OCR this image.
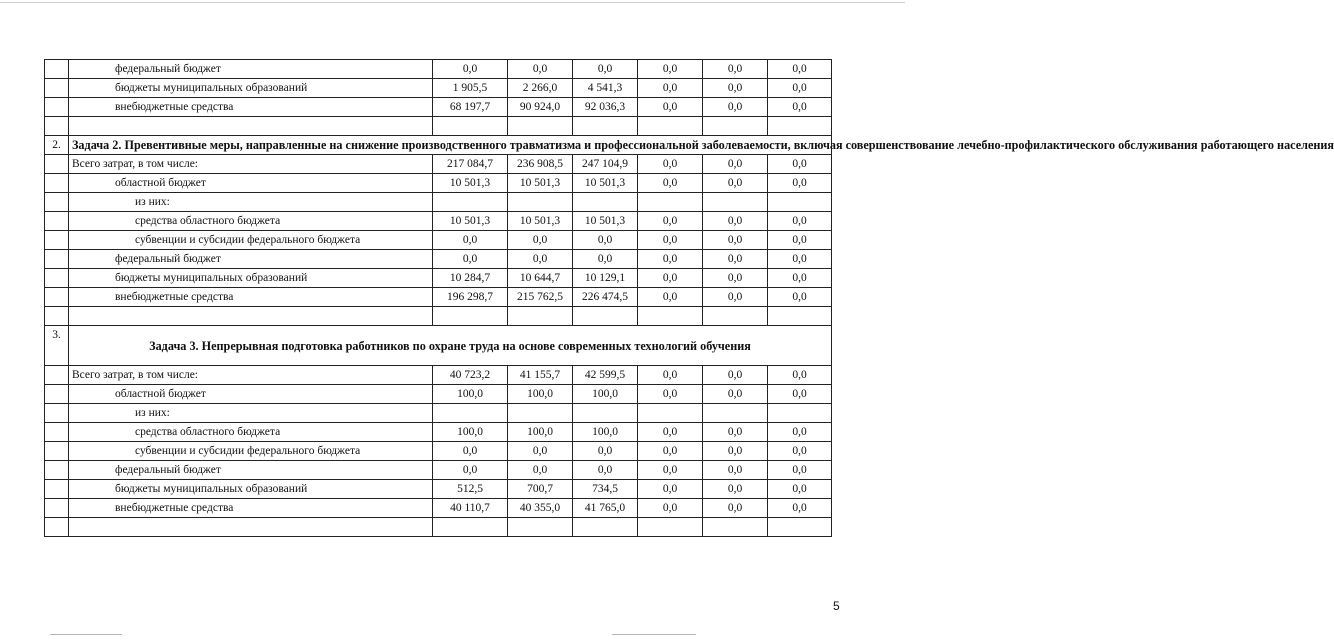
	федеральный бюджет	0,0	0,0	0,0	0,0	0,0	0,0
	бюджеты муниципальных образований	1 905,5	2 266,0	4 541,3	0,0	0,0	0,0
	внебюджетные средства	68 197,7	90 924,0	92 036,3	0,0	0,0	0,0

2.	Задача 2. Превентивные меры, направленные на снижение производственного травматизма и профессиональной заболеваемости, включая совершенствование лечебно-профилактического обслуживания работающего населения						
	Всего затрат, в том числе:	217 084,7	236 908,5	247 104,9	0,0	0,0	0,0
	областной бюджет	10 501,3	10 501,3	10 501,3	0,0	0,0	0,0
	из них:						
	средства областного бюджета	10 501,3	10 501,3	10 501,3	0,0	0,0	0,0
	субвенции и субсидии федерального бюджета	0,0	0,0	0,0	0,0	0,0	0,0
	федеральный бюджет	0,0	0,0	0,0	0,0	0,0	0,0
	бюджеты муниципальных образований	10 284,7	10 644,7	10 129,1	0,0	0,0	0,0
	внебюджетные средства	196 298,7	215 762,5	226 474,5	0,0	0,0	0,0

3.	Задача 3. Непрерывная подготовка работников по охране труда на основе современных технологий обучения						
	Всего затрат, в том числе:	40 723,2	41 155,7	42 599,5	0,0	0,0	0,0
	областной бюджет	100,0	100,0	100,0	0,0	0,0	0,0
	из них:						
	средства областного бюджета	100,0	100,0	100,0	0,0	0,0	0,0
	субвенции и субсидии федерального бюджета	0,0	0,0	0,0	0,0	0,0	0,0
	федеральный бюджет	0,0	0,0	0,0	0,0	0,0	0,0
	бюджеты муниципальных образований	512,5	700,7	734,5	0,0	0,0	0,0
	внебюджетные средства	40 110,7	40 355,0	41 765,0	0,0	0,0	0,0

5
